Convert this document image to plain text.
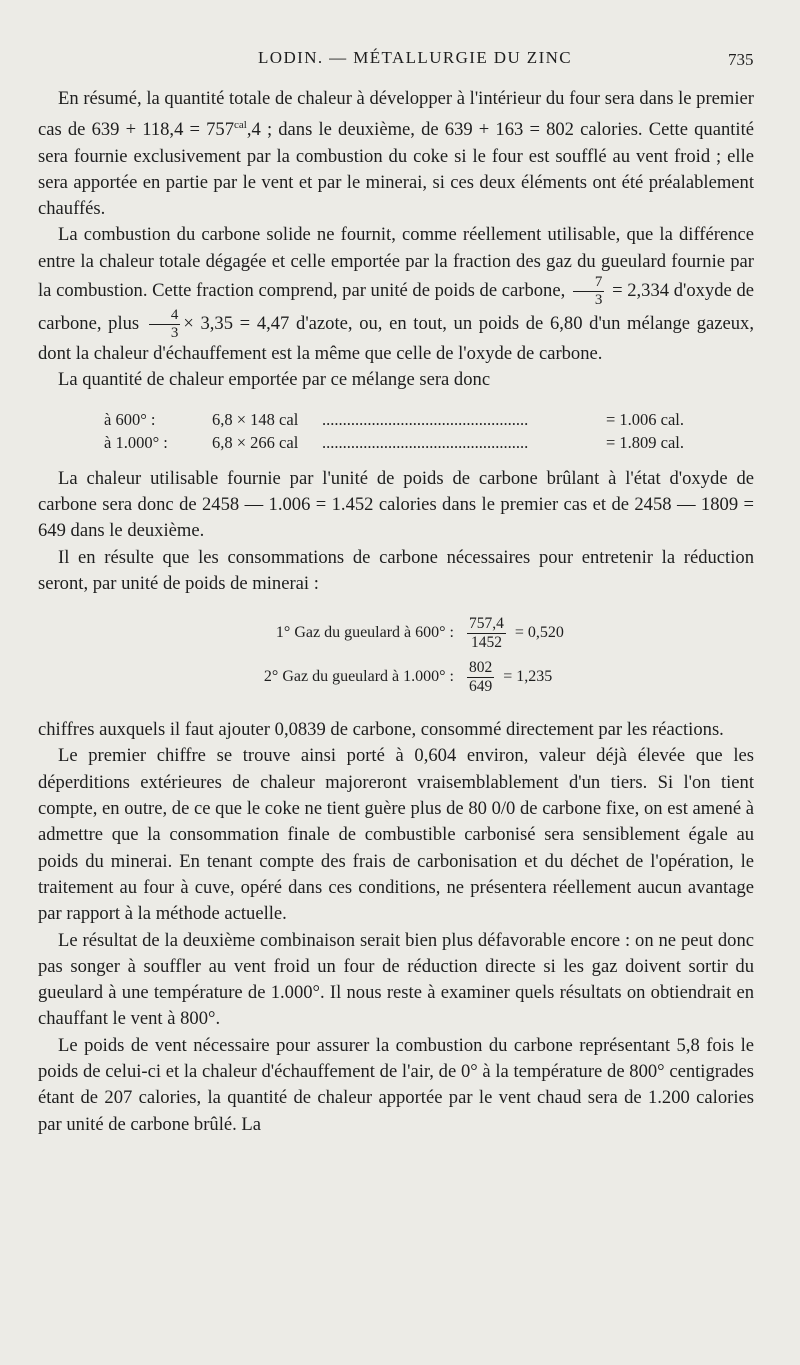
LODIN. — MÉTALLURGIE DU ZINC	735

En résumé, la quantité totale de chaleur à développer à l'intérieur du four sera dans le premier cas de $639 + 118,4 = 757^{cal},4$ ; dans le deuxième, de 639 + 163 = 802 calories. Cette quantité sera fournie exclusivement par la combustion du coke si le four est soufflé au vent froid ; elle sera apportée en partie par le vent et par le minerai, si ces deux éléments ont été préalablement chauffés.

La combustion du carbone solide ne fournit, comme réellement utilisable, que la différence entre la chaleur totale dégagée et celle emportée par la fraction des gaz du gueulard fournie par la combustion. Cette fraction comprend, par unité de poids de carbone, $\frac{7}{3} = 2,334$ d'oxyde de carbone, plus $\frac{4}{3} \times 3,35 = 4,47$ d'azote, ou, en tout, un poids de 6,80 d'un mélange gazeux, dont la chaleur d'échauffement est la même que celle de l'oxyde de carbone.

La quantité de chaleur emportée par ce mélange sera donc

à 600° :	6,8 × 148 cal	..................................................	= 1.006 cal.
à 1.000° :	6,8 × 266 cal	..................................................	= 1.809 cal.

La chaleur utilisable fournie par l'unité de poids de carbone brûlant à l'état d'oxyde de carbone sera donc de 2458 — 1.006 = 1.452 calories dans le premier cas et de 2458 — 1809 = 649 dans le deuxième.

Il en résulte que les consommations de carbone nécessaires pour entretenir la réduction seront, par unité de poids de minerai :

1° Gaz du gueulard à 600° : $\frac{757,4}{1452} = 0,520$
2° Gaz du gueulard à 1.000° : $\frac{802}{649} = 1,235$

chiffres auxquels il faut ajouter 0,0839 de carbone, consommé directement par les réactions.

Le premier chiffre se trouve ainsi porté à 0,604 environ, valeur déjà élevée que les déperditions extérieures de chaleur majoreront vraisemblablement d'un tiers. Si l'on tient compte, en outre, de ce que le coke ne tient guère plus de 80 0/0 de carbone fixe, on est amené à admettre que la consommation finale de combustible carbonisé sera sensiblement égale au poids du minerai. En tenant compte des frais de carbonisation et du déchet de l'opération, le traitement au four à cuve, opéré dans ces conditions, ne présentera réellement aucun avantage par rapport à la méthode actuelle.

Le résultat de la deuxième combinaison serait bien plus défavorable encore : on ne peut donc pas songer à souffler au vent froid un four de réduction directe si les gaz doivent sortir du gueulard à une température de 1.000°. Il nous reste à examiner quels résultats on obtiendrait en chauffant le vent à 800°.

Le poids de vent nécessaire pour assurer la combustion du carbone représentant 5,8 fois le poids de celui-ci et la chaleur d'échauffement de l'air, de 0° à la température de 800° centigrades étant de 207 calories, la quantité de chaleur apportée par le vent chaud sera de 1.200 calories par unité de carbone brûlé. La
